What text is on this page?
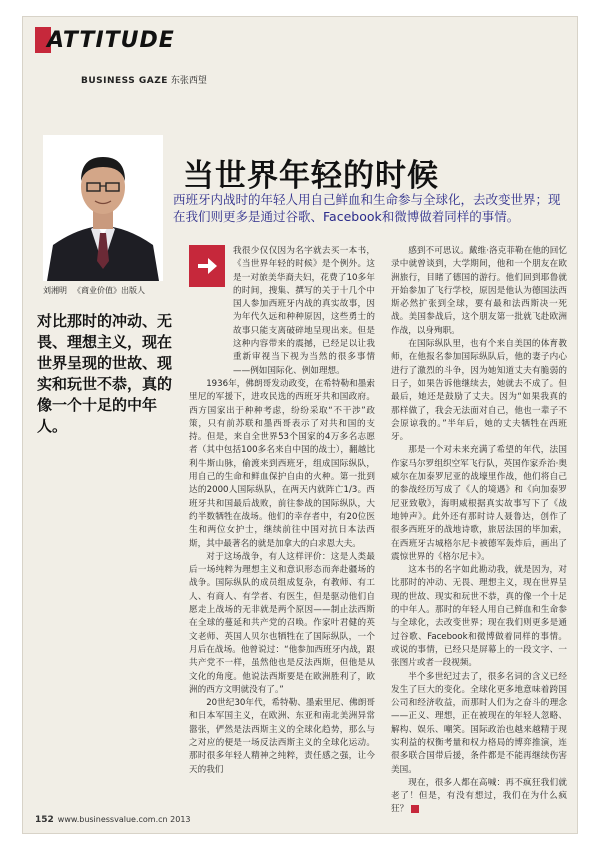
ATTITUDE
BUSINESS GAZE 东张西望
刘湘明 《商业价值》出版人
对比那时的冲动、无畏、理想主义，现在世界呈现的世故、现实和玩世不恭，真的像一个十足的中年人。
当世界年轻的时候
西班牙内战时的年轻人用自己鲜血和生命参与全球化，去改变世界；现在我们则更多是通过谷歌、Facebook和微博做着同样的事情。

我很少仅仅因为名字就去买一本书，《当世界年轻的时候》是个例外。这是一对旅美华裔夫妇，花费了10多年的时间，搜集、撰写的关于十几个中国人参加西班牙内战的真实故事，因为年代久远和种种原因，这些勇士的故事只能支离破碎地呈现出来。但是这种内容带来的震撼，已经足以让我重新审视当下视为当然的很多事情——例如国际化、例如理想。

1936年，佛朗哥发动政变，在希特勒和墨索里尼的军援下，进攻民选的西班牙共和国政府。西方国家出于种种考虑，纷纷采取“不干涉”政策，只有前苏联和墨西哥表示了对共和国的支持。但是，来自全世界53个国家的4万多名志愿者（其中包括100多名来自中国的战士），翻越比利牛斯山脉，偷渡来到西班牙，组成国际纵队，用自己的生命和鲜血保护自由的火种。第一批到达的2000人国际纵队，在两天内就阵亡1/3。西班牙共和国最后战败，前往参战的国际纵队，大约半数牺牲在战场。他们的幸存者中，有20位医生和两位女护士，继续前往中国对抗日本法西斯，其中最著名的就是加拿大的白求恩大夫。

对于这场战争，有人这样评价：这是人类最后一场纯粹为理想主义和意识形态而奔赴疆场的战争。国际纵队的成员组成复杂，有教师、有工人、有商人、有学者、有医生，但是驱动他们自愿走上战场的无非就是两个原因——制止法西斯在全球的蔓延和共产党的召唤。作家叶君健的英文老师、英国人贝尔也牺牲在了国际纵队，一个月后在战场。他曾说过：“他参加西班牙内战，跟共产党不一样，虽然他也是反法西斯，但他是从文化的角度。他说法西斯要是在欧洲胜利了，欧洲的西方文明就没有了。”

20世纪30年代，希特勒、墨索里尼、佛朗哥和日本军国主义，在欧洲、东亚和南北美洲异常嚣张，俨然是法西斯主义的全球化趋势，那么与之对应的便是一场反法西斯主义的全球化运动。那时很多年轻人精神之纯粹，责任感之强，让今天的我们

感到不可思议。戴维·洛克菲勒在他的回忆录中就曾谈到，大学期间，他和一个朋友在欧洲旅行，目睹了德国的游行。他们回到耶鲁就开始参加了飞行学校，原因是他认为德国法西斯必然扩张到全球，要有最和法西斯决一死战。美国参战后，这个朋友第一批就飞赴欧洲作战，以身殉职。

在国际纵队里，也有个来自美国的体育教师，在他报名参加国际纵队后，他的妻子内心进行了激烈的斗争，因为她知道丈夫有脆弱的日子，如果告诉他继续去，她就去不成了。但最后，她还是鼓励了丈夫。因为“如果我真的那样做了，我会无法面对自己，他也一辈子不会原谅我的。”半年后，她的丈夫牺牲在西班牙。

那是一个对未来充满了希望的年代，法国作家马尔罗组织空军飞行队，英国作家乔治·奥威尔在加泰罗尼亚的战壕里作战，他们将自己的参战经历写成了《人的境遇》和《向加泰罗尼亚致敬》，海明威根据真实故事写下了《战地钟声》。此外还有那时诗人聂鲁达，创作了很多西班牙的战地诗歌，旅居法国的毕加索，在西班牙古城格尔尼卡被德军轰炸后，画出了震惊世界的《格尔尼卡》。

这本书的名字如此勘动我，就是因为，对比那时的冲动、无畏、理想主义，现在世界呈现的世故、现实和玩世不恭，真的像一个十足的中年人。那时的年轻人用自己鲜血和生命参与全球化，去改变世界；现在我们则更多是通过谷歌、Facebook和微博做着同样的事情。或说的事情，已经只是屏幕上的一段文字、一张图片或者一段视频。

半个多世纪过去了，很多名词的含义已经发生了巨大的变化。全球化更多地意味着跨国公司和经济收益，而那时人们为之奋斗的理念——正义、理想，正在被现在的年轻人忽略、解构、娱乐、嘲笑。国际政治也越来越精于现实利益的权衡考量和权力格局的博弈推演，连很多联合国带后援，条件都是不能再继续伤害美国。

现在，很多人都在高喊：再不疯狂我们就老了！但是，有没有想过，我们在为什么疯狂？

152 www.businessvalue.com.cn 2013
